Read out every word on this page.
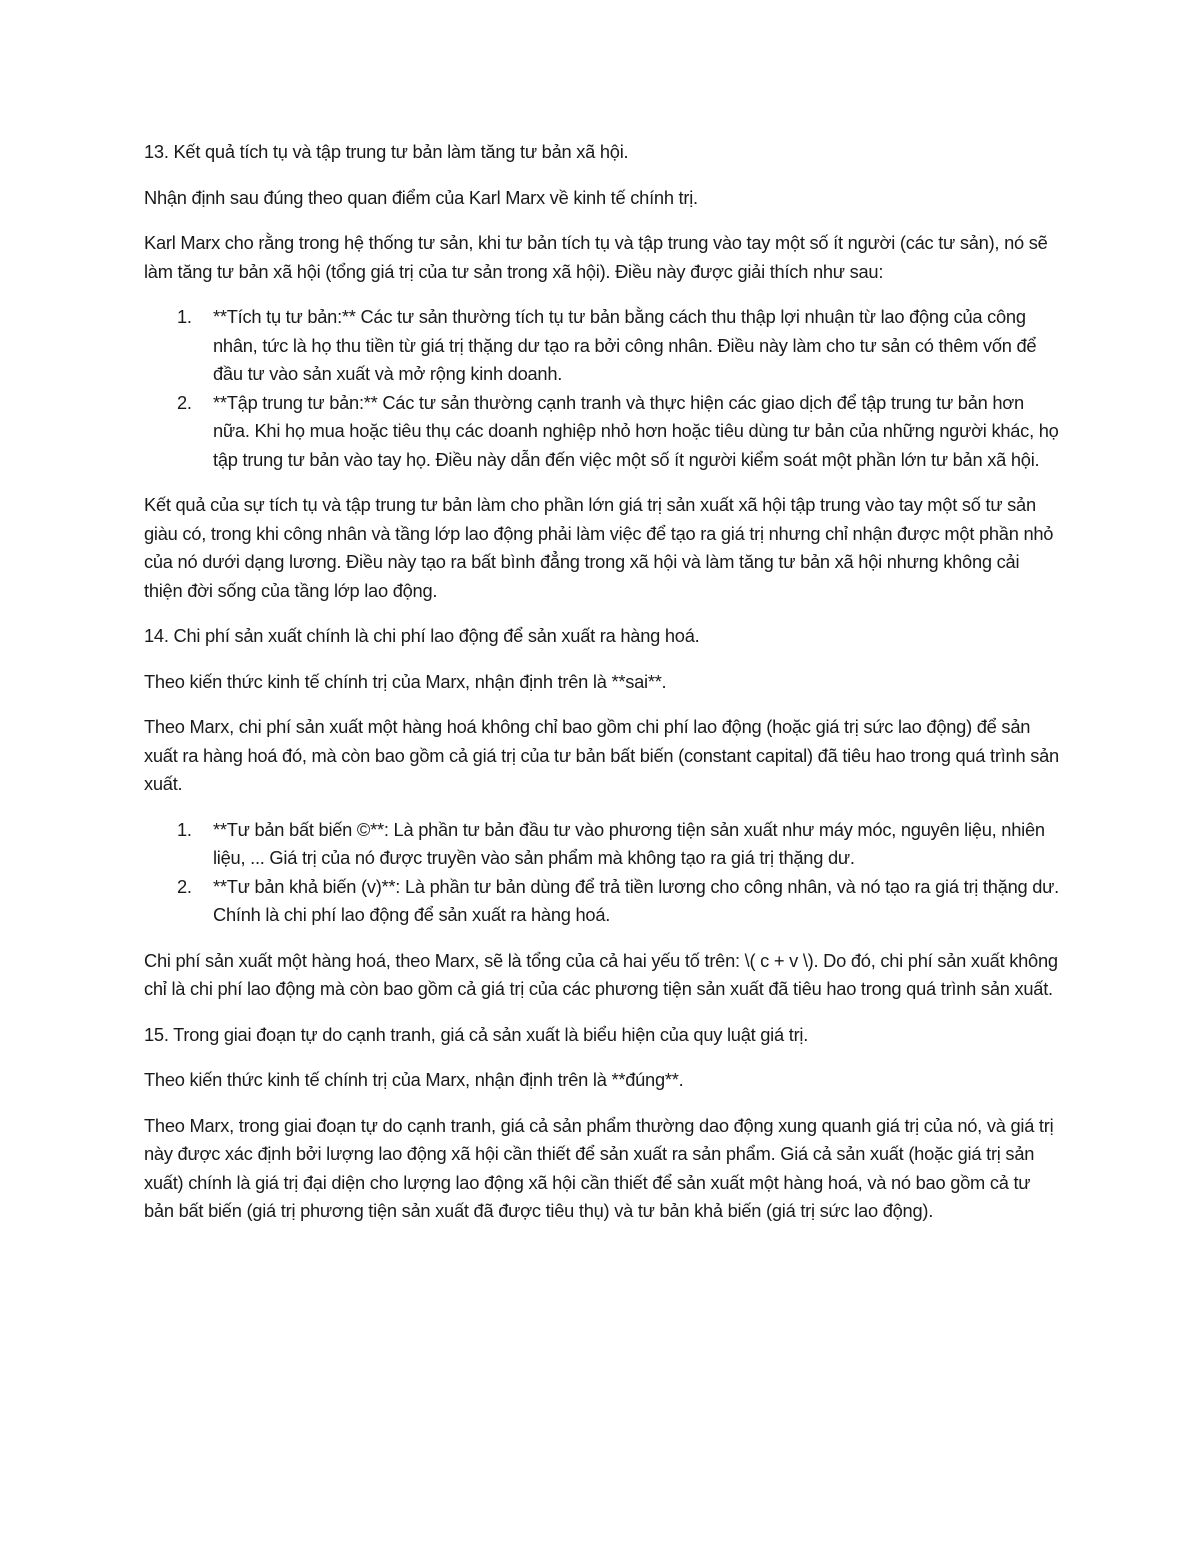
13. Kết quả tích tụ và tập trung tư bản làm tăng tư bản xã hội.

Nhận định sau đúng theo quan điểm của Karl Marx về kinh tế chính trị.

Karl Marx cho rằng trong hệ thống tư sản, khi tư bản tích tụ và tập trung vào tay một số ít người (các tư sản), nó sẽ làm tăng tư bản xã hội (tổng giá trị của tư sản trong xã hội). Điều này được giải thích như sau:

1. **Tích tụ tư bản:** Các tư sản thường tích tụ tư bản bằng cách thu thập lợi nhuận từ lao động của công nhân, tức là họ thu tiền từ giá trị thặng dư tạo ra bởi công nhân. Điều này làm cho tư sản có thêm vốn để đầu tư vào sản xuất và mở rộng kinh doanh.
2. **Tập trung tư bản:** Các tư sản thường cạnh tranh và thực hiện các giao dịch để tập trung tư bản hơn nữa. Khi họ mua hoặc tiêu thụ các doanh nghiệp nhỏ hơn hoặc tiêu dùng tư bản của những người khác, họ tập trung tư bản vào tay họ. Điều này dẫn đến việc một số ít người kiểm soát một phần lớn tư bản xã hội.

Kết quả của sự tích tụ và tập trung tư bản làm cho phần lớn giá trị sản xuất xã hội tập trung vào tay một số tư sản giàu có, trong khi công nhân và tầng lớp lao động phải làm việc để tạo ra giá trị nhưng chỉ nhận được một phần nhỏ của nó dưới dạng lương. Điều này tạo ra bất bình đẳng trong xã hội và làm tăng tư bản xã hội nhưng không cải thiện đời sống của tầng lớp lao động.

14. Chi phí sản xuất chính là chi phí lao động để sản xuất ra hàng hoá.

Theo kiến thức kinh tế chính trị của Marx, nhận định trên là **sai**.

Theo Marx, chi phí sản xuất một hàng hoá không chỉ bao gồm chi phí lao động (hoặc giá trị sức lao động) để sản xuất ra hàng hoá đó, mà còn bao gồm cả giá trị của tư bản bất biến (constant capital) đã tiêu hao trong quá trình sản xuất.

1. **Tư bản bất biến ©**: Là phần tư bản đầu tư vào phương tiện sản xuất như máy móc, nguyên liệu, nhiên liệu, ... Giá trị của nó được truyền vào sản phẩm mà không tạo ra giá trị thặng dư.
2. **Tư bản khả biến (v)**: Là phần tư bản dùng để trả tiền lương cho công nhân, và nó tạo ra giá trị thặng dư. Chính là chi phí lao động để sản xuất ra hàng hoá.

Chi phí sản xuất một hàng hoá, theo Marx, sẽ là tổng của cả hai yếu tố trên: \( c + v \). Do đó, chi phí sản xuất không chỉ là chi phí lao động mà còn bao gồm cả giá trị của các phương tiện sản xuất đã tiêu hao trong quá trình sản xuất.

15. Trong giai đoạn tự do cạnh tranh, giá cả sản xuất là biểu hiện của quy luật giá trị.

Theo kiến thức kinh tế chính trị của Marx, nhận định trên là **đúng**.

Theo Marx, trong giai đoạn tự do cạnh tranh, giá cả sản phẩm thường dao động xung quanh giá trị của nó, và giá trị này được xác định bởi lượng lao động xã hội cần thiết để sản xuất ra sản phẩm. Giá cả sản xuất (hoặc giá trị sản xuất) chính là giá trị đại diện cho lượng lao động xã hội cần thiết để sản xuất một hàng hoá, và nó bao gồm cả tư bản bất biến (giá trị phương tiện sản xuất đã được tiêu thụ) và tư bản khả biến (giá trị sức lao động).
